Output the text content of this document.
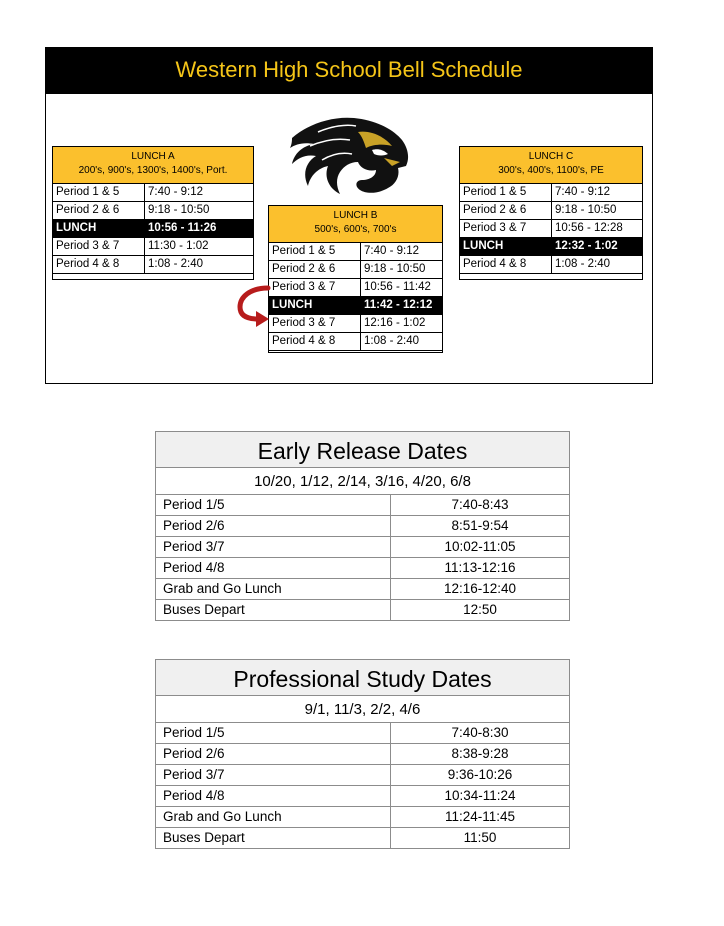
Western High School Bell Schedule
LUNCH A
200's, 900's, 1300's, 1400's, Port.
Period 1 & 5	7:40 - 9:12
Period 2 & 6	9:18 - 10:50
LUNCH	10:56 - 11:26
Period 3 & 7	11:30 - 1:02
Period 4 & 8	1:08 - 2:40
LUNCH B
500's, 600's, 700's
Period 1 & 5	7:40 - 9:12
Period 2 & 6	9:18 - 10:50
Period 3 & 7	10:56 - 11:42
LUNCH	11:42 - 12:12
Period 3 & 7	12:16 - 1:02
Period 4 & 8	1:08 - 2:40
LUNCH C
300's, 400's, 1100's, PE
Period 1 & 5	7:40 - 9:12
Period 2 & 6	9:18 - 10:50
Period 3 & 7	10:56 - 12:28
LUNCH	12:32 - 1:02
Period 4 & 8	1:08 - 2:40
Early Release Dates
10/20, 1/12, 2/14, 3/16, 4/20, 6/8
Period 1/5	7:40-8:43
Period 2/6	8:51-9:54
Period 3/7	10:02-11:05
Period 4/8	11:13-12:16
Grab and Go Lunch	12:16-12:40
Buses Depart	12:50
Professional Study Dates
9/1, 11/3, 2/2, 4/6
Period 1/5	7:40-8:30
Period 2/6	8:38-9:28
Period 3/7	9:36-10:26
Period 4/8	10:34-11:24
Grab and Go Lunch	11:24-11:45
Buses Depart	11:50
